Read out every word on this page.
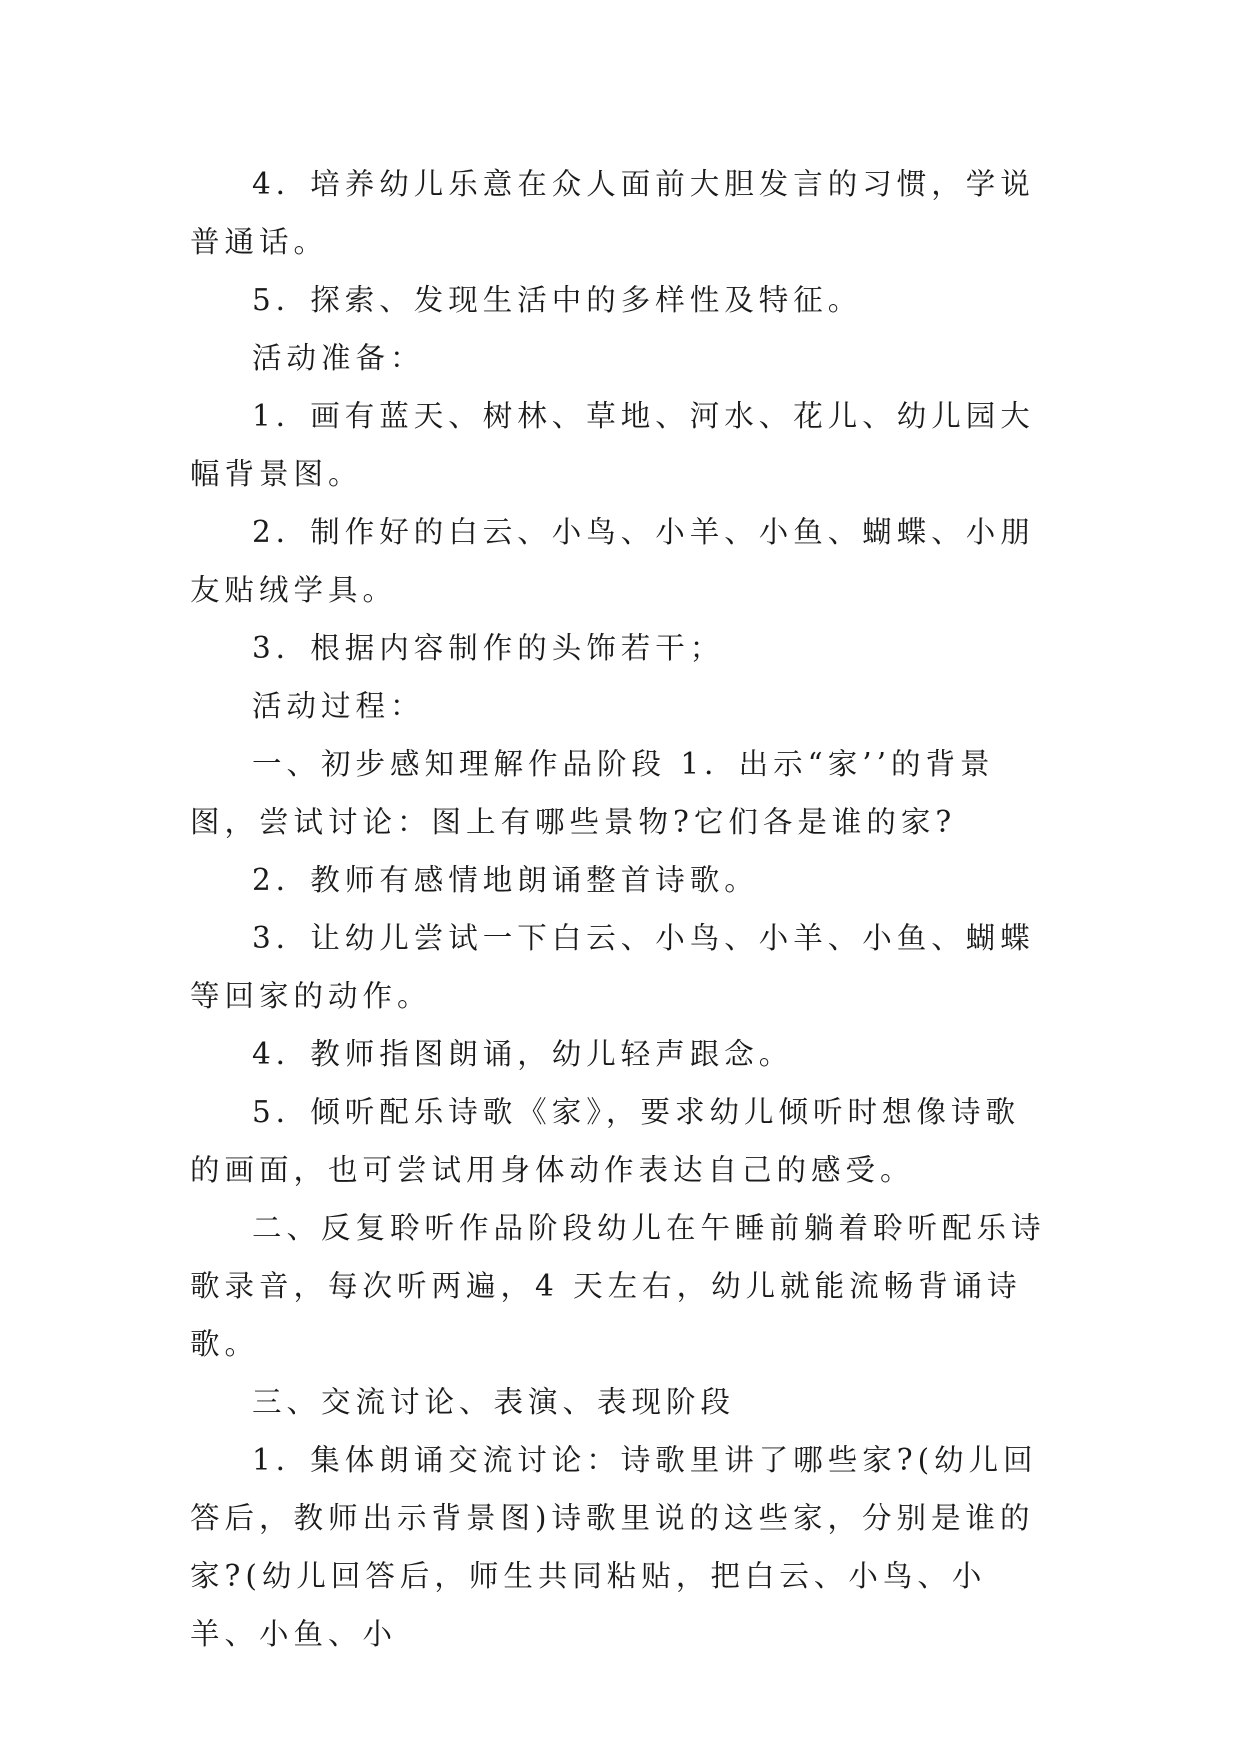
4．培养幼儿乐意在众人面前大胆发言的习惯，学说普通话。

5．探索、发现生活中的多样性及特征。

活动准备：

1．画有蓝天、树林、草地、河水、花儿、幼儿园大幅背景图。

2．制作好的白云、小鸟、小羊、小鱼、蝴蝶、小朋友贴绒学具。

3．根据内容制作的头饰若干；

活动过程：

一、初步感知理解作品阶段 1．出示“家’’的背景图，尝试讨论：图上有哪些景物?它们各是谁的家?

2．教师有感情地朗诵整首诗歌。

3．让幼儿尝试一下白云、小鸟、小羊、小鱼、蝴蝶等回家的动作。

4．教师指图朗诵，幼儿轻声跟念。

5．倾听配乐诗歌《家》，要求幼儿倾听时想像诗歌的画面，也可尝试用身体动作表达自己的感受。

二、反复聆听作品阶段幼儿在午睡前躺着聆听配乐诗歌录音，每次听两遍，4 天左右，幼儿就能流畅背诵诗歌。

三、交流讨论、表演、表现阶段

1．集体朗诵交流讨论：诗歌里讲了哪些家?(幼儿回答后，教师出示背景图)诗歌里说的这些家，分别是谁的家?(幼儿回答后，师生共同粘贴，把白云、小鸟、小羊、小鱼、小
